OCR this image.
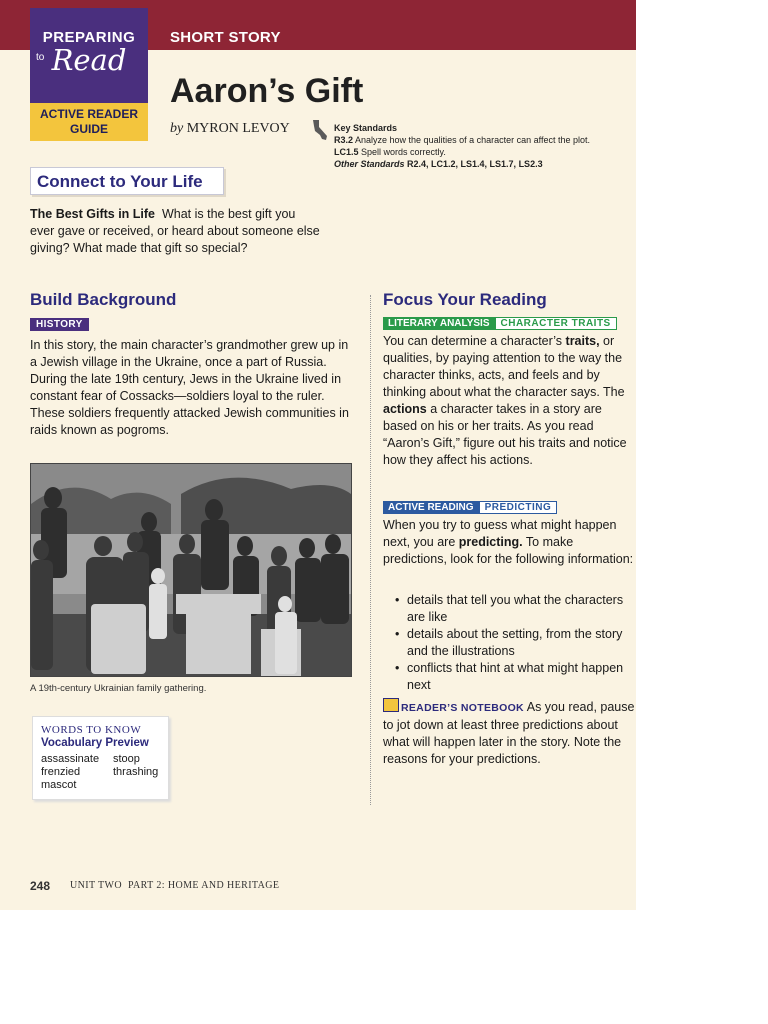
SHORT STORY
PREPARING
to Read
ACTIVE READER
GUIDE
Aaron’s Gift
by MYRON LEVOY	Key Standards
R3.2 Analyze how the qualities of a character can affect the plot.
LC1.5 Spell words correctly.
Other Standards R2.4, LC1.2, LS1.4, LS1.7, LS2.3
Connect to Your Life
The Best Gifts in Life What is the best gift you ever gave or received, or heard about someone else giving? What made that gift so special?
Build Background
HISTORY
In this story, the main character’s grandmother grew up in a Jewish village in the Ukraine, once a part of Russia. During the late 19th century, Jews in the Ukraine lived in constant fear of Cossacks—soldiers loyal to the ruler. These soldiers frequently attacked Jewish communities in raids known as pogroms.
A 19th-century Ukrainian family gathering.
WORDS TO KNOW
Vocabulary Preview
assassinate
frenzied
mascot
stoop
thrashing
Focus Your Reading
LITERARY ANALYSIS	CHARACTER TRAITS
You can determine a character’s traits, or qualities, by paying attention to the way the character thinks, acts, and feels and by thinking about what the character says. The actions a character takes in a story are based on his or her traits. As you read “Aaron’s Gift,” figure out his traits and notice how they affect his actions.
ACTIVE READING	PREDICTING
When you try to guess what might happen next, you are predicting. To make predictions, look for the following information:
• details that tell you what the characters are like
• details about the setting, from the story and the illustrations
• conflicts that hint at what might happen next
READER’S NOTEBOOK As you read, pause to jot down at least three predictions about what will happen later in the story. Note the reasons for your predictions.
248 UNIT TWO PART 2: HOME AND HERITAGE
